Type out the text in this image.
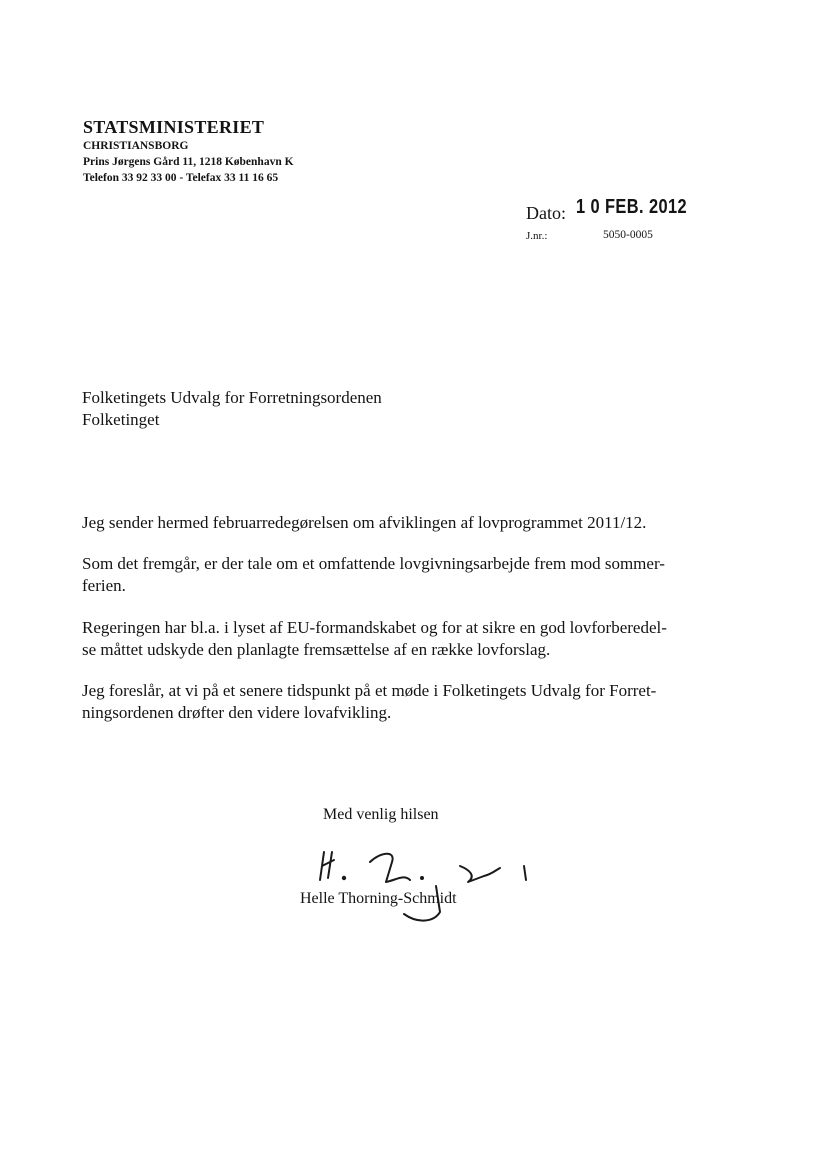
STATSMINISTERIET
CHRISTIANSBORG
Prins Jørgens Gård 11, 1218 København K
Telefon 33 92 33 00 - Telefax 33 11 16 65
Dato: 1 0 FEB. 2012
J.nr.:	5050-0005
Folketingets Udvalg for Forretningsordenen
Folketinget
Jeg sender hermed februarredegørelsen om afviklingen af lovprogrammet 2011/12.
Som det fremgår, er der tale om et omfattende lovgivningsarbejde frem mod sommer-
ferien.
Regeringen har bl.a. i lyset af EU-formandskabet og for at sikre en god lovforberedel-
se måttet udskyde den planlagte fremsættelse af en række lovforslag.
Jeg foreslår, at vi på et senere tidspunkt på et møde i Folketingets Udvalg for Forret-
ningsordenen drøfter den videre lovafvikling.
Med venlig hilsen
Helle Thorning-Schmidt
